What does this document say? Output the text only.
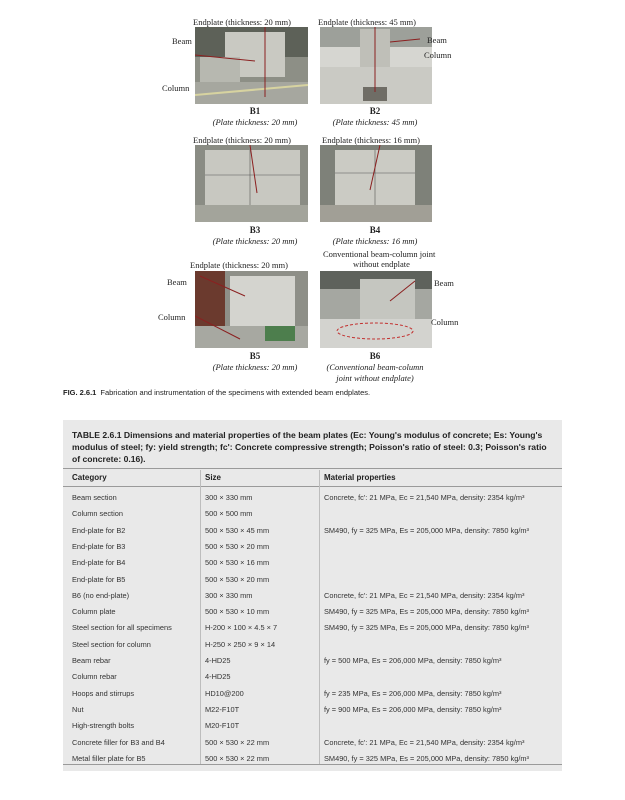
Endplate (thickness: 20 mm)
Beam
Column
Endplate (thickness: 45 mm)
Beam
Column
B1
(Plate thickness: 20 mm)
B2
(Plate thickness: 45 mm)
Endplate (thickness: 20 mm)	Endplate (thickness: 16 mm)
B3
(Plate thickness: 20 mm)
B4
(Plate thickness: 16 mm)
Conventional beam-column joint
without endplate
Endplate (thickness: 20 mm)
Beam
Column
Beam
Column
B5
(Plate thickness: 20 mm)
B6
(Conventional beam-column
joint without endplate)
FIG. 2.6.1 Fabrication and instrumentation of the specimens with extended beam endplates.
TABLE 2.6.1 Dimensions and material properties of the beam plates (Ec: Young's modulus of concrete; Es: Young's modulus of steel; fy: yield strength; fc': Concrete compressive strength; Poisson's ratio of steel: 0.3; Poisson's ratio of concrete: 0.16).
Category	Size	Material properties
Beam section	300 × 330 mm	Concrete, fc': 21 MPa, Ec = 21,540 MPa, density: 2354 kg/m³
Column section	500 × 500 mm
End-plate for B2	500 × 530 × 45 mm	SM490, fy = 325 MPa, Es = 205,000 MPa, density: 7850 kg/m³
End-plate for B3	500 × 530 × 20 mm
End-plate for B4	500 × 530 × 16 mm
End-plate for B5	500 × 530 × 20 mm
B6 (no end-plate)	300 × 330 mm	Concrete, fc': 21 MPa, Ec = 21,540 MPa, density: 2354 kg/m³
Column plate	500 × 530 × 10 mm	SM490, fy = 325 MPa, Es = 205,000 MPa, density: 7850 kg/m³
Steel section for all specimens	H-200 × 100 × 4.5 × 7	SM490, fy = 325 MPa, Es = 205,000 MPa, density: 7850 kg/m³
Steel section for column	H-250 × 250 × 9 × 14
Beam rebar	4-HD25	fy = 500 MPa, Es = 206,000 MPa, density: 7850 kg/m³
Column rebar	4-HD25
Hoops and stirrups	HD10@200	fy = 235 MPa, Es = 206,000 MPa, density: 7850 kg/m³
Nut	M22-F10T	fy = 900 MPa, Es = 206,000 MPa, density: 7850 kg/m³
High-strength bolts	M20-F10T
Concrete filler for B3 and B4	500 × 530 × 22 mm	Concrete, fc': 21 MPa, Ec = 21,540 MPa, density: 2354 kg/m³
Metal filler plate for B5	500 × 530 × 22 mm	SM490, fy = 325 MPa, Es = 205,000 MPa, density: 7850 kg/m³
